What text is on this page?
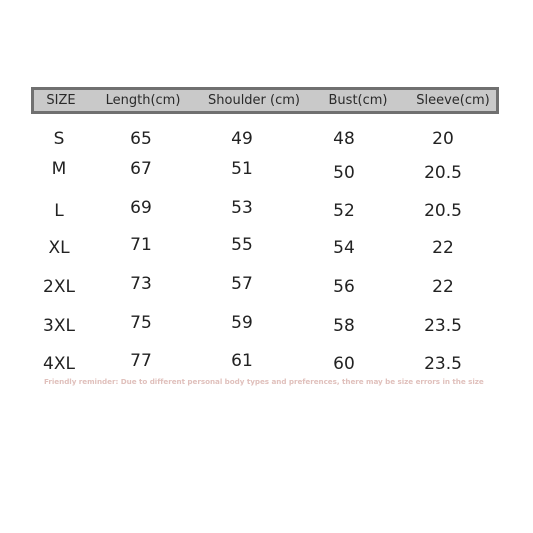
SIZE Length(cm) Shoulder (cm) Bust(cm) Sleeve(cm)
S	65	49	48	20
M	67	51	50	20.5
L	69	53	52	20.5
XL	71	55	54	22
2XL	73	57	56	22
3XL	75	59	58	23.5
4XL	77	61	60	23.5
Friendly reminder: Due to different personal body types and preferences, there may be size errors in the size
